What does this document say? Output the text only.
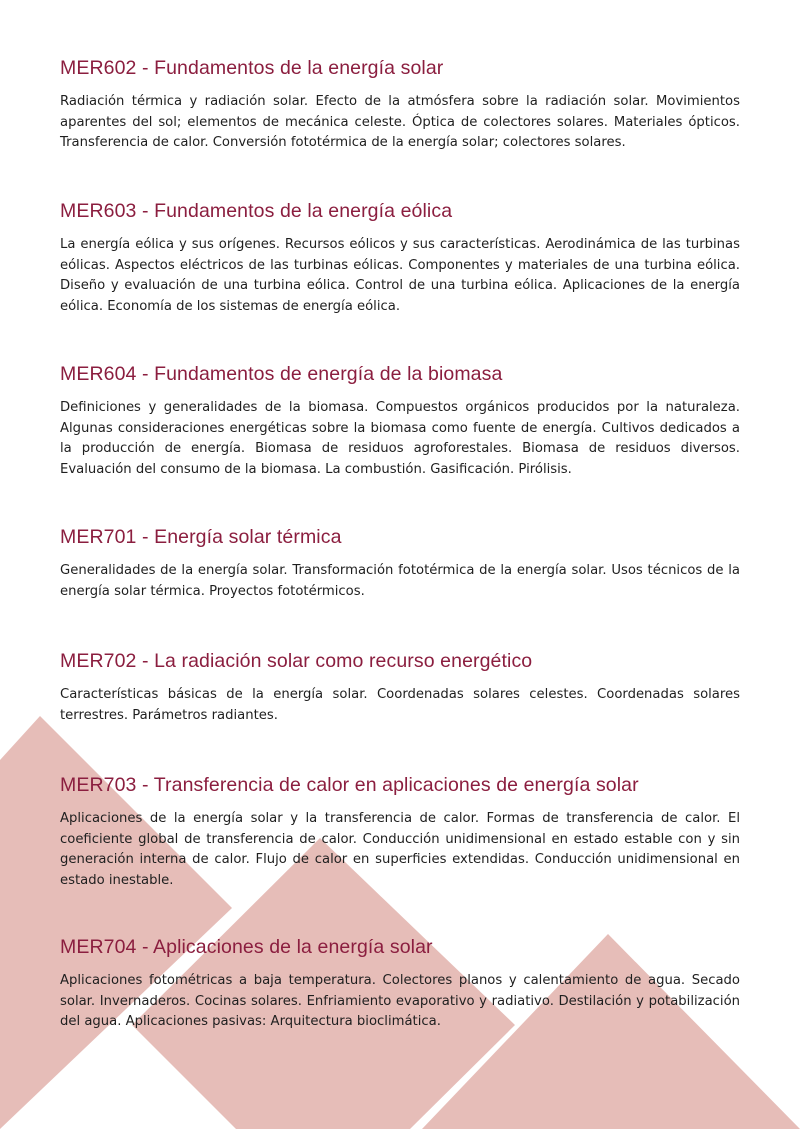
MER602 - Fundamentos de la energía solar

Radiación térmica y radiación solar. Efecto de la atmósfera sobre la radiación solar. Movimientos aparentes del sol; elementos de mecánica celeste. Óptica de colectores solares. Materiales ópticos. Transferencia de calor. Conversión fototérmica de la energía solar; colectores solares.

MER603 - Fundamentos de la energía eólica

La energía eólica y sus orígenes. Recursos eólicos y sus características. Aerodinámica de las turbinas eólicas. Aspectos eléctricos de las turbinas eólicas. Componentes y materiales de una turbina eólica. Diseño y evaluación de una turbina eólica. Control de una turbina eólica. Aplicaciones de la energía eólica. Economía de los sistemas de energía eólica.

MER604 - Fundamentos de energía de la biomasa

Definiciones y generalidades de la biomasa. Compuestos orgánicos producidos por la naturaleza. Algunas consideraciones energéticas sobre la biomasa como fuente de energía. Cultivos dedicados a la producción de energía. Biomasa de residuos agroforestales. Biomasa de residuos diversos. Evaluación del consumo de la biomasa. La combustión. Gasificación. Pirólisis.

MER701 - Energía solar térmica

Generalidades de la energía solar. Transformación fototérmica de la energía solar. Usos técnicos de la energía solar térmica. Proyectos fototérmicos.

MER702 - La radiación solar como recurso energético

Características básicas de la energía solar. Coordenadas solares celestes. Coordenadas solares terrestres. Parámetros radiantes.

MER703 - Transferencia de calor en aplicaciones de energía solar

Aplicaciones de la energía solar y la transferencia de calor. Formas de transferencia de calor. El coeficiente global de transferencia de calor. Conducción unidimensional en estado estable con y sin generación interna de calor. Flujo de calor en superficies extendidas. Conducción unidimensional en estado inestable.

MER704 - Aplicaciones de la energía solar

Aplicaciones fotométricas a baja temperatura. Colectores planos y calentamiento de agua. Secado solar. Invernaderos. Cocinas solares. Enfriamiento evaporativo y radiativo. Destilación y potabilización del agua. Aplicaciones pasivas: Arquitectura bioclimática.
